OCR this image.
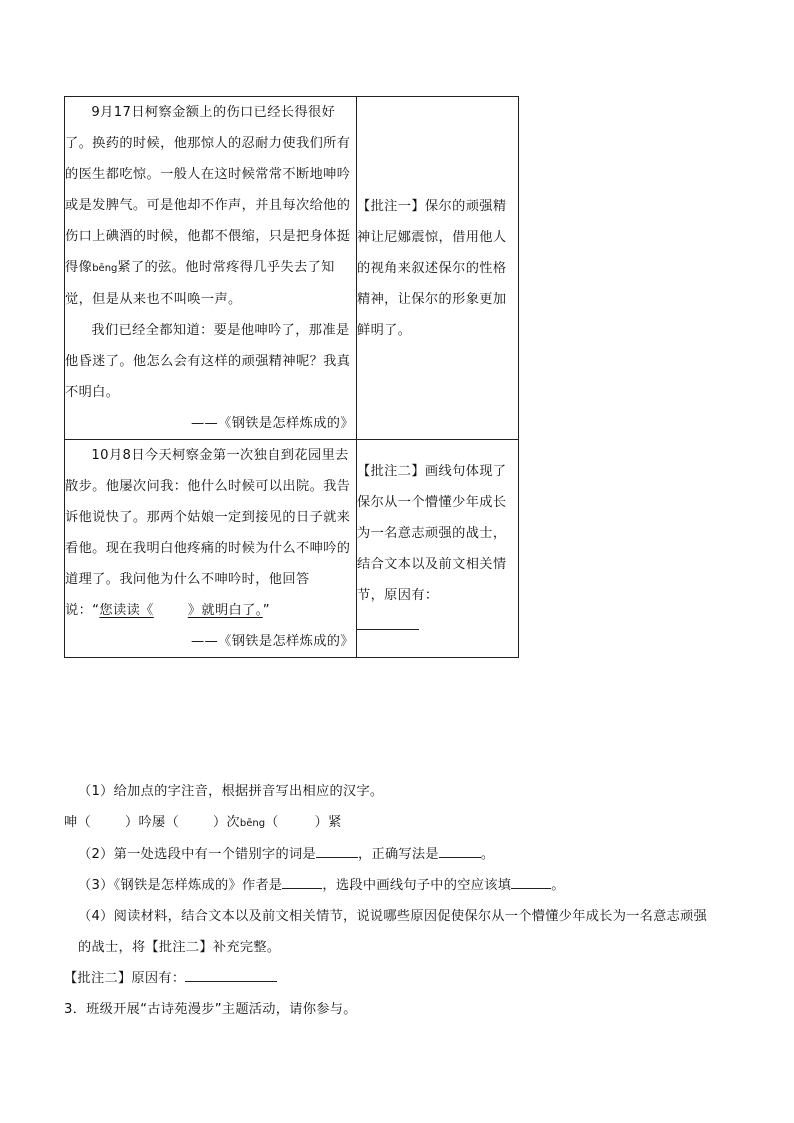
9月17日柯察金额上的伤口已经长得很好了。换药的时候，他那惊人的忍耐力使我们所有的医生都吃惊。一般人在这时候常常不断地呻吟或是发脾气。可是他却不作声，并且每次给他的伤口上碘酒的时候，他都不偎缩，只是把身体挺得像bēng紧了的弦。他时常疼得几乎失去了知觉，但是从来也不叫唤一声。

我们已经全都知道：要是他呻吟了，那准是他昏迷了。他怎么会有这样的顽强精神呢？我真不明白。

——《钢铁是怎样炼成的》	【批注一】保尔的顽强精神让尼娜震惊，借用他人的视角来叙述保尔的性格精神，让保尔的形象更加鲜明了。

10月8日今天柯察金第一次独自到花园里去散步。他屡次问我：他什么时候可以出院。我告诉他说快了。那两个姑娘一定到接见的日子就来看他。现在我明白他疼痛的时候为什么不呻吟的道理了。我问他为什么不呻吟时，他回答说：“您读读《 》就明白了。”

——《钢铁是怎样炼成的》	【批注二】画线句体现了保尔从一个懵懂少年成长为一名意志顽强的战士，结合文本以及前文相关情节，原因有：

（1）给加点的字注音，根据拼音写出相应的汉字。
呻（	）吟屡（	）次bēng（	）紧
（2）第一处选段中有一个错别字的词是	，正确写法是	。
（3）《钢铁是怎样炼成的》作者是	，选段中画线句子中的空应该填	。
（4）阅读材料，结合文本以及前文相关情节，说说哪些原因促使保尔从一个懵懂少年成长为一名意志顽强的战士，将【批注二】补充完整。
【批注二】原因有：
3．班级开展“古诗苑漫步”主题活动，请你参与。
